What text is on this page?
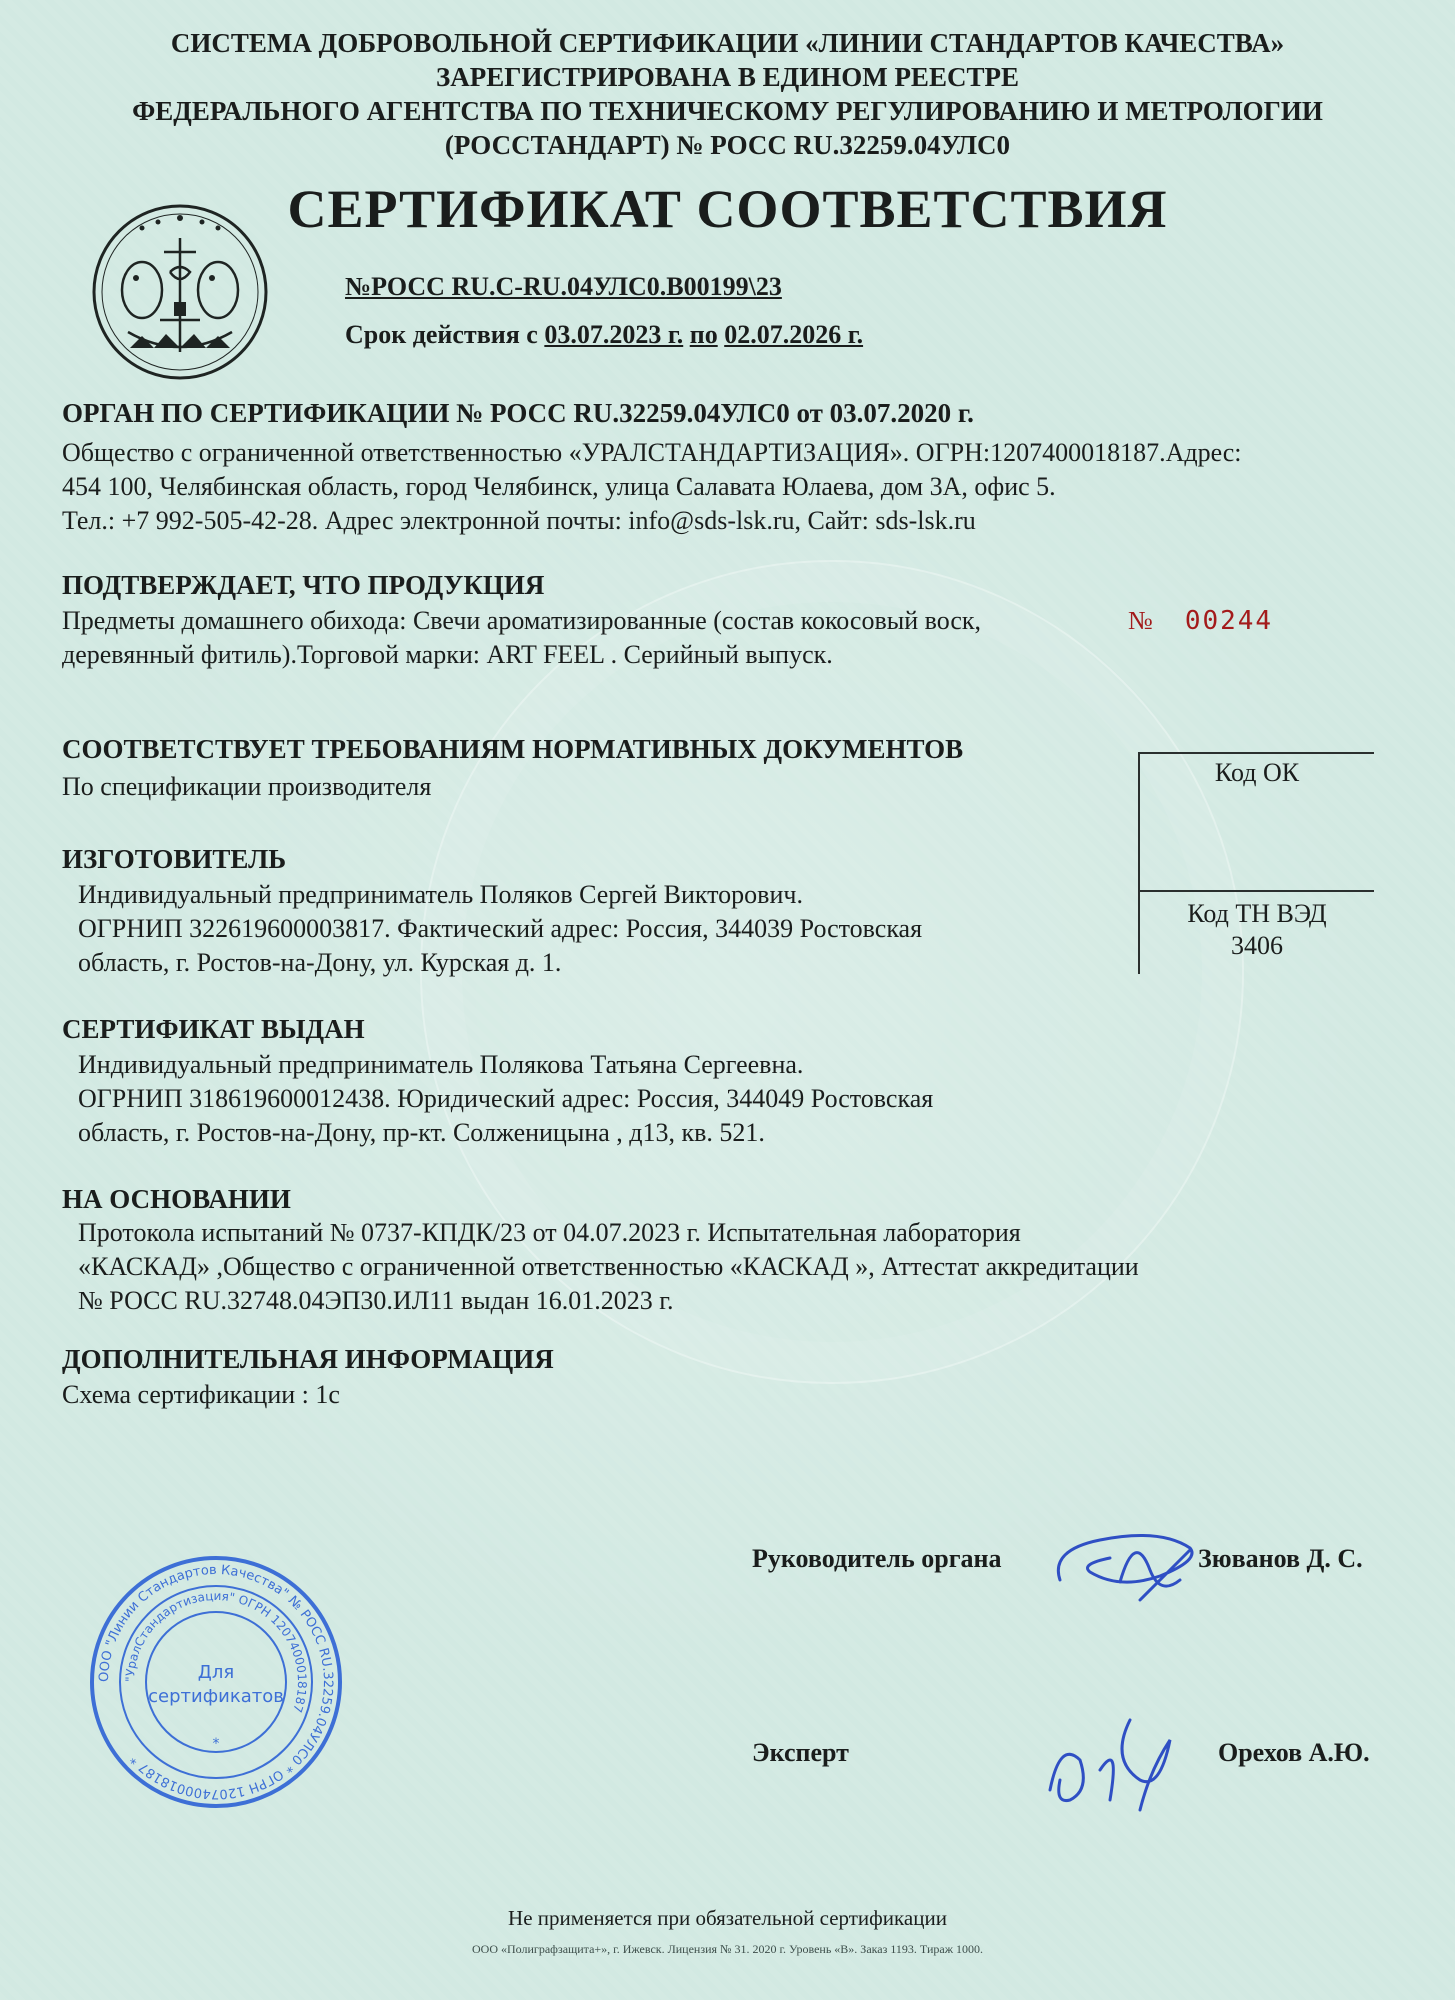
СИСТЕМА ДОБРОВОЛЬНОЙ СЕРТИФИКАЦИИ «ЛИНИИ СТАНДАРТОВ КАЧЕСТВА»
ЗАРЕГИСТРИРОВАНА В ЕДИНОМ РЕЕСТРЕ
ФЕДЕРАЛЬНОГО АГЕНТСТВА ПО ТЕХНИЧЕСКОМУ РЕГУЛИРОВАНИЮ И МЕТРОЛОГИИ
(РОССТАНДАРТ) № РОСС RU.32259.04УЛС0
СЕРТИФИКАТ СООТВЕТСТВИЯ
№РОСС RU.C-RU.04УЛС0.В00199\23
Срок действия с 03.07.2023 г. по 02.07.2026 г.
ОРГАН ПО СЕРТИФИКАЦИИ № РОСС RU.32259.04УЛС0 от 03.07.2020 г.
Общество с ограниченной ответственностью «УРАЛСТАНДАРТИЗАЦИЯ». ОГРН:1207400018187.Адрес:
454 100, Челябинская область, город Челябинск, улица Салавата Юлаева, дом 3А, офис 5.
Тел.: +7 992-505-42-28. Адрес электронной почты: info@sds-lsk.ru, Сайт: sds-lsk.ru
ПОДТВЕРЖДАЕТ, ЧТО ПРОДУКЦИЯ
Предметы домашнего обихода: Свечи ароматизированные (состав кокосовый воск,
деревянный фитиль).Торговой марки: ART FEEL . Серийный выпуск.
№ 00244
СООТВЕТСТВУЕТ ТРЕБОВАНИЯМ НОРМАТИВНЫХ ДОКУМЕНТОВ
По спецификации производителя	Код ОК
Код ТН ВЭД
3406
ИЗГОТОВИТЕЛЬ
Индивидуальный предприниматель Поляков Сергей Викторович.
ОГРНИП 322619600003817. Фактический адрес: Россия, 344039 Ростовская
область, г. Ростов-на-Дону, ул. Курская д. 1.
СЕРТИФИКАТ ВЫДАН
Индивидуальный предприниматель Полякова Татьяна Сергеевна.
ОГРНИП 318619600012438. Юридический адрес: Россия, 344049 Ростовская
область, г. Ростов-на-Дону, пр-кт. Солженицына , д13, кв. 521.
НА ОСНОВАНИИ
Протокола испытаний № 0737-КПДК/23 от 04.07.2023 г. Испытательная лаборатория
«КАСКАД» ,Общество с ограниченной ответственностью «КАСКАД », Аттестат аккредитации
№ РОСС RU.32748.04ЭП30.ИЛ11 выдан 16.01.2023 г.
ДОПОЛНИТЕЛЬНАЯ ИНФОРМАЦИЯ
Схема сертификации : 1с
Руководитель органа	Зюванов Д. С.
Эксперт	Орехов А.Ю.
ООО "Линии Стандартов Качества" № РОСС RU.32259.04УЛС0 * ОГРН 1207400018187 *
"УралСтандартизация" ОГРН 1207400018187
Для
сертификатов
*
Не применяется при обязательной сертификации
ООО «Полиграфзащита+», г. Ижевск. Лицензия № 31. 2020 г. Уровень «В». Заказ 1193. Тираж 1000.
